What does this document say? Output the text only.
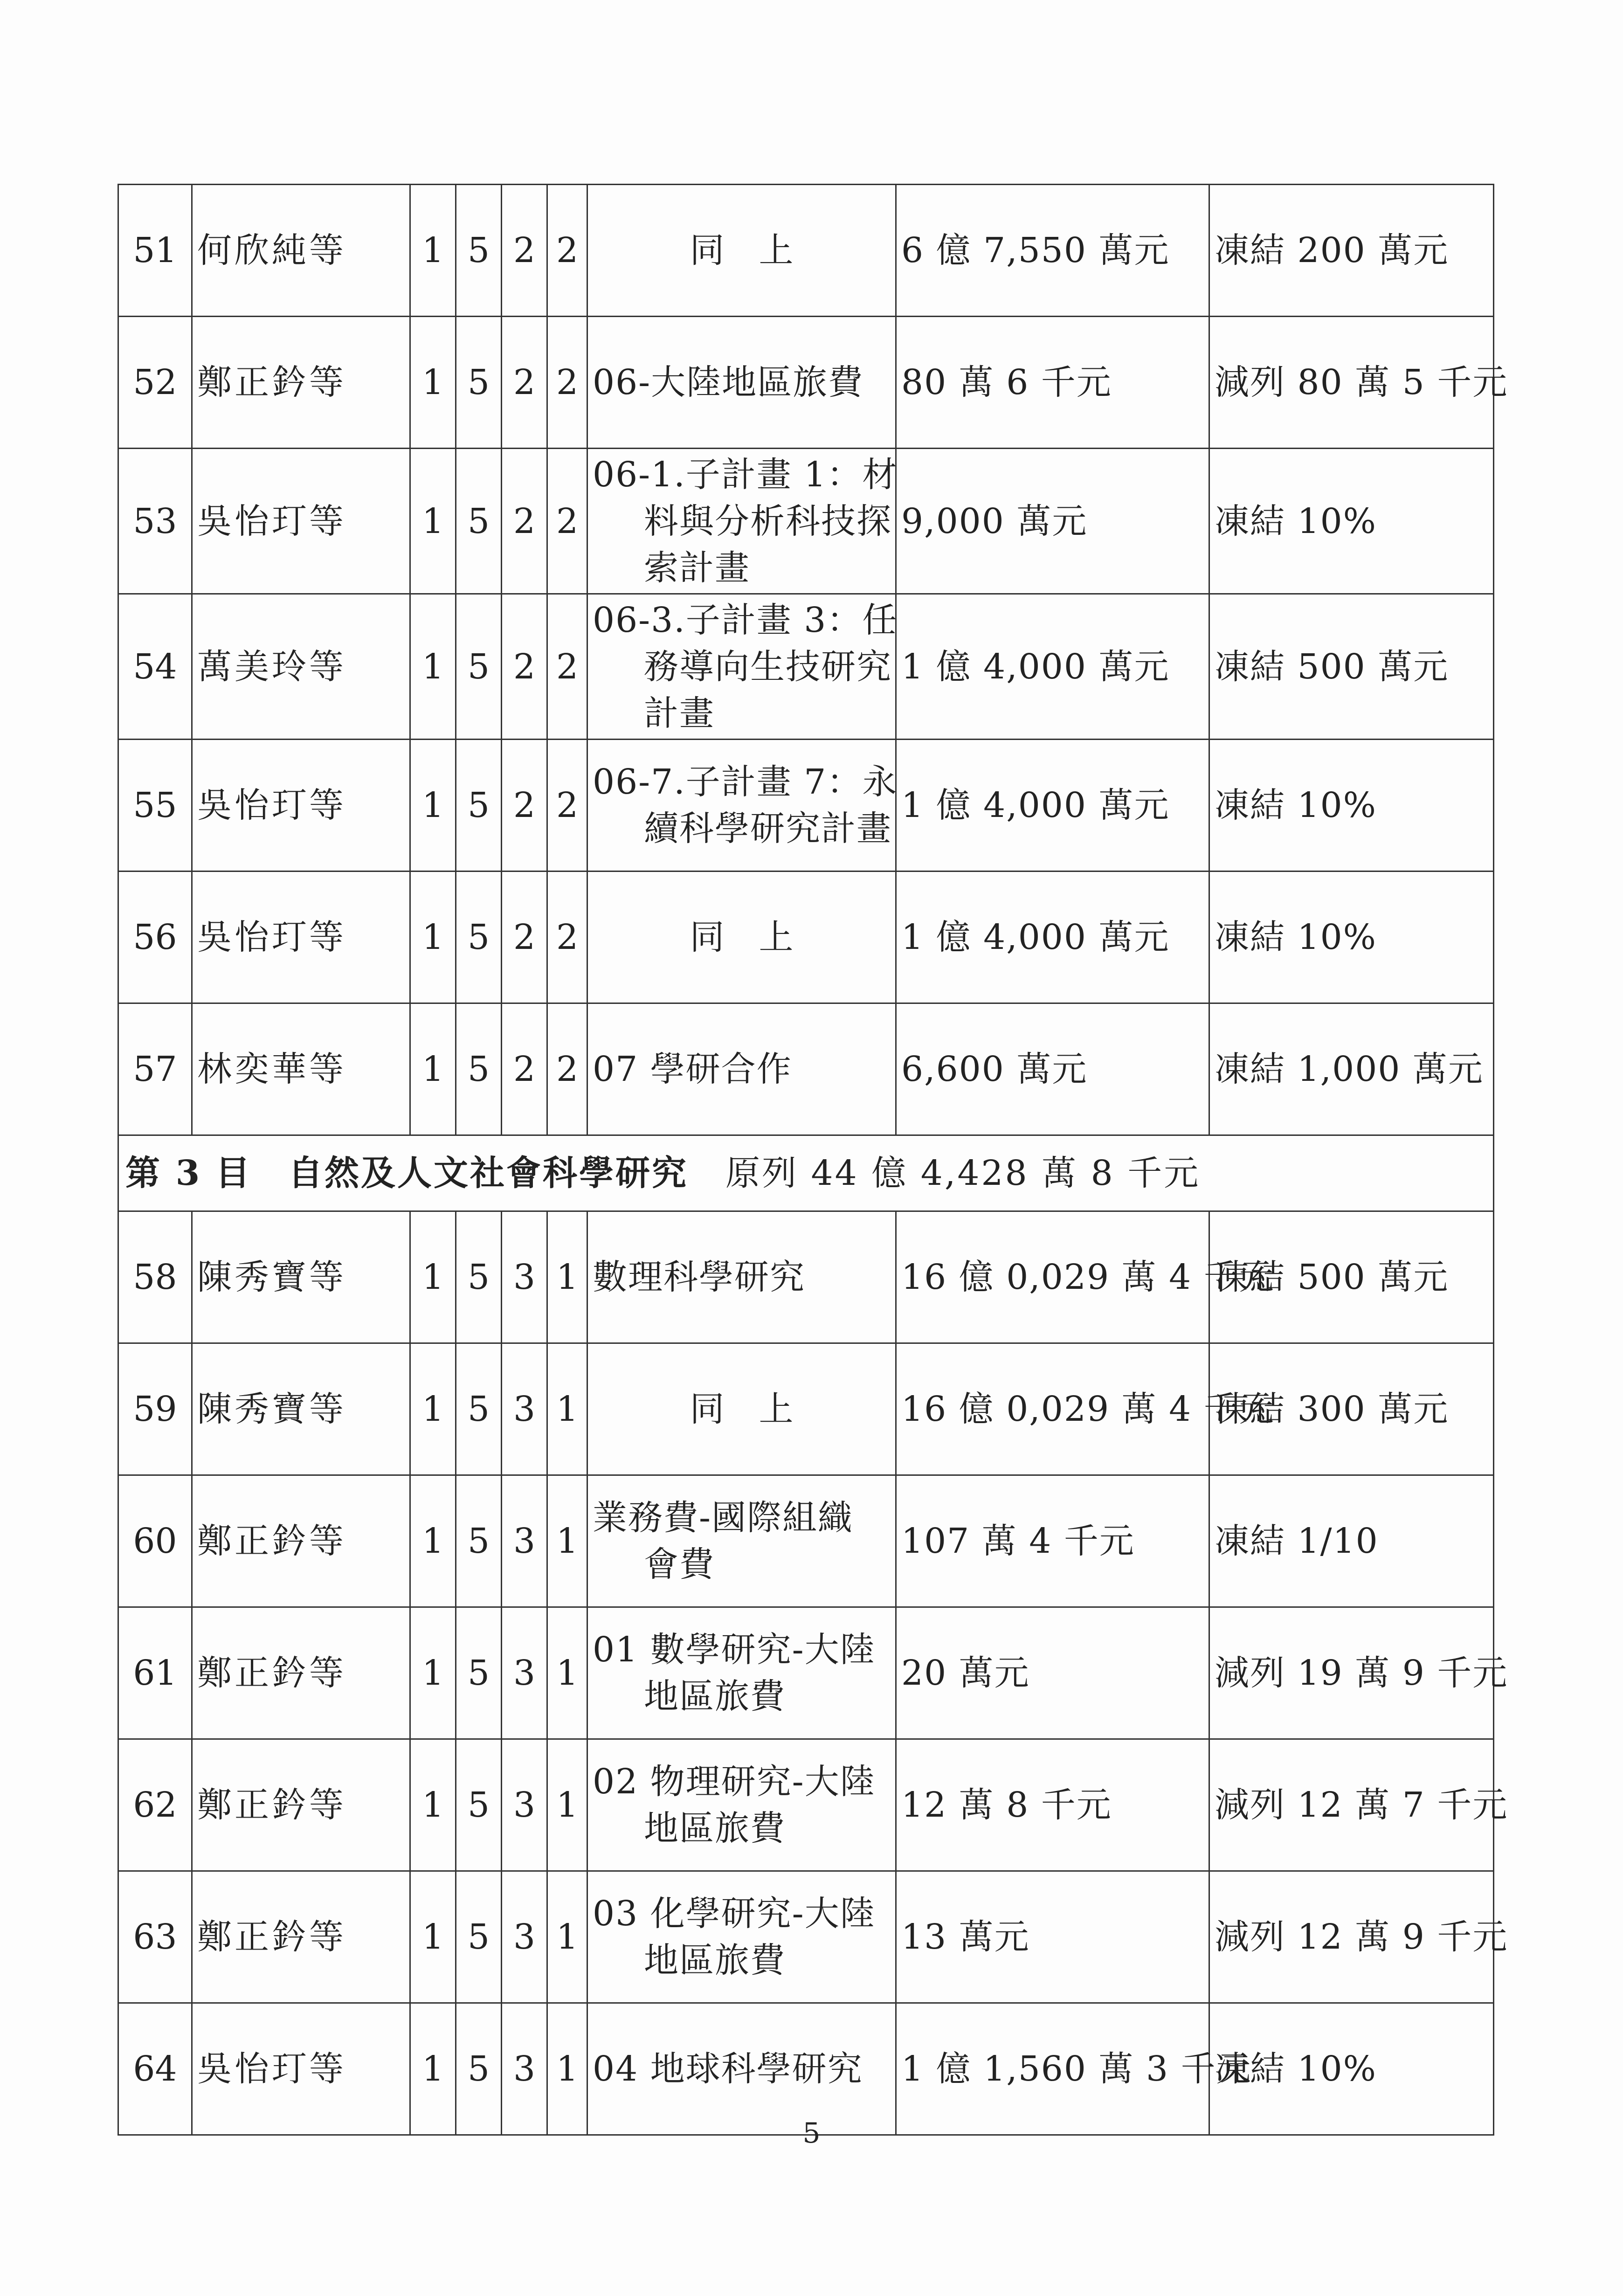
51	何欣純等	1	5	2	2	同　上	6 億 7,550 萬元	凍結 200 萬元
52	鄭正鈐等	1	5	2	2	06-大陸地區旅費	80 萬 6 千元	減列 80 萬 5 千元
53	吳怡玎等	1	5	2	2	06-1.子計畫 1：材
料與分析科技探
索計畫	9,000 萬元	凍結 10%
54	萬美玲等	1	5	2	2	06-3.子計畫 3：任
務導向生技研究
計畫	1 億 4,000 萬元	凍結 500 萬元
55	吳怡玎等	1	5	2	2	06-7.子計畫 7：永
續科學研究計畫	1 億 4,000 萬元	凍結 10%
56	吳怡玎等	1	5	2	2	同　上	1 億 4,000 萬元	凍結 10%
57	林奕華等	1	5	2	2	07 學研合作	6,600 萬元	凍結 1,000 萬元
第 3 目　自然及人文社會科學研究 原列 44 億 4,428 萬 8 千元								
58	陳秀寶等	1	5	3	1	數理科學研究	16 億 0,029 萬 4 千元	凍結 500 萬元
59	陳秀寶等	1	5	3	1	同　上	16 億 0,029 萬 4 千元	凍結 300 萬元
60	鄭正鈐等	1	5	3	1	業務費-國際組織
會費	107 萬 4 千元	凍結 1/10
61	鄭正鈐等	1	5	3	1	01 數學研究-大陸
地區旅費	20 萬元	減列 19 萬 9 千元
62	鄭正鈐等	1	5	3	1	02 物理研究-大陸
地區旅費	12 萬 8 千元	減列 12 萬 7 千元
63	鄭正鈐等	1	5	3	1	03 化學研究-大陸
地區旅費	13 萬元	減列 12 萬 9 千元
64	吳怡玎等	1	5	3	1	04 地球科學研究	1 億 1,560 萬 3 千元	凍結 10%
5
